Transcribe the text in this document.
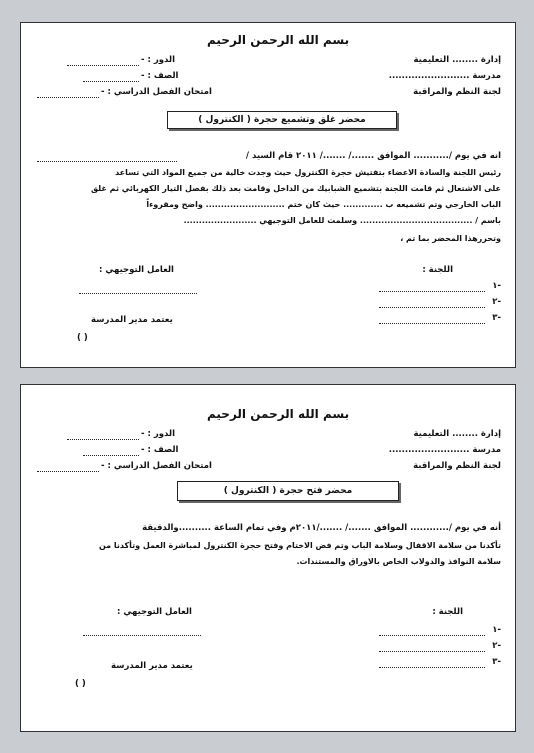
بسم الله الرحمن الرحيم
إدارة ........ التعليمية
مدرسة .........................
لجنة النظم والمراقبة
الدور : -
الصف : -
امتحان الفصل الدراسي : -
محضر غلق وتشميع حجرة ( الكنترول )
انه في يوم /........... الموافق ......./ ......./ ٢٠١١ قام السيد /
رئيس اللجنة والسادة الاعضاء بتفتيش حجرة الكنترول حيث وجدت خالية من جميع المواد التي تساعد
على الاشتعال ثم قامت اللجنة بتشميع الشبابيك من الداخل وقامت بعد ذلك بفصل التيار الكهربائي ثم غلق
الباب الخارجي وتم تشميعه ب ............. حيث كان ختم .......................... واضح ومقروءاً
باسم / ..................................... وسلمت للعامل التوجيهي ........................
وتحررهذا المحضر بما تم ،
اللجنة :
١-
٢-
٣-
العامل التوجيهي :
يعتمد مدير المدرسة
( )
بسم الله الرحمن الرحيم
إدارة ........ التعليمية
مدرسة .........................
لجنة النظم والمراقبة
الدور : -
الصف : -
امتحان الفصل الدراسي : -
محضر فتح حجرة ( الكنترول )
أنه في يوم /............ الموافق ......./ ......./٢٠١١م وفي تمام الساعة ..........والدقيقة
تأكدنا من سلامة الاقفال وسلامة الباب وتم فض الاختام وفتح حجرة الكنترول لمباشرة العمل وتأكدنا من
سلامة النوافذ والدولاب الخاص بالاوراق والمستندات.
اللجنة :
١-
٢-
٣-
العامل التوجيهي :
يعتمد مدير المدرسة
( )
